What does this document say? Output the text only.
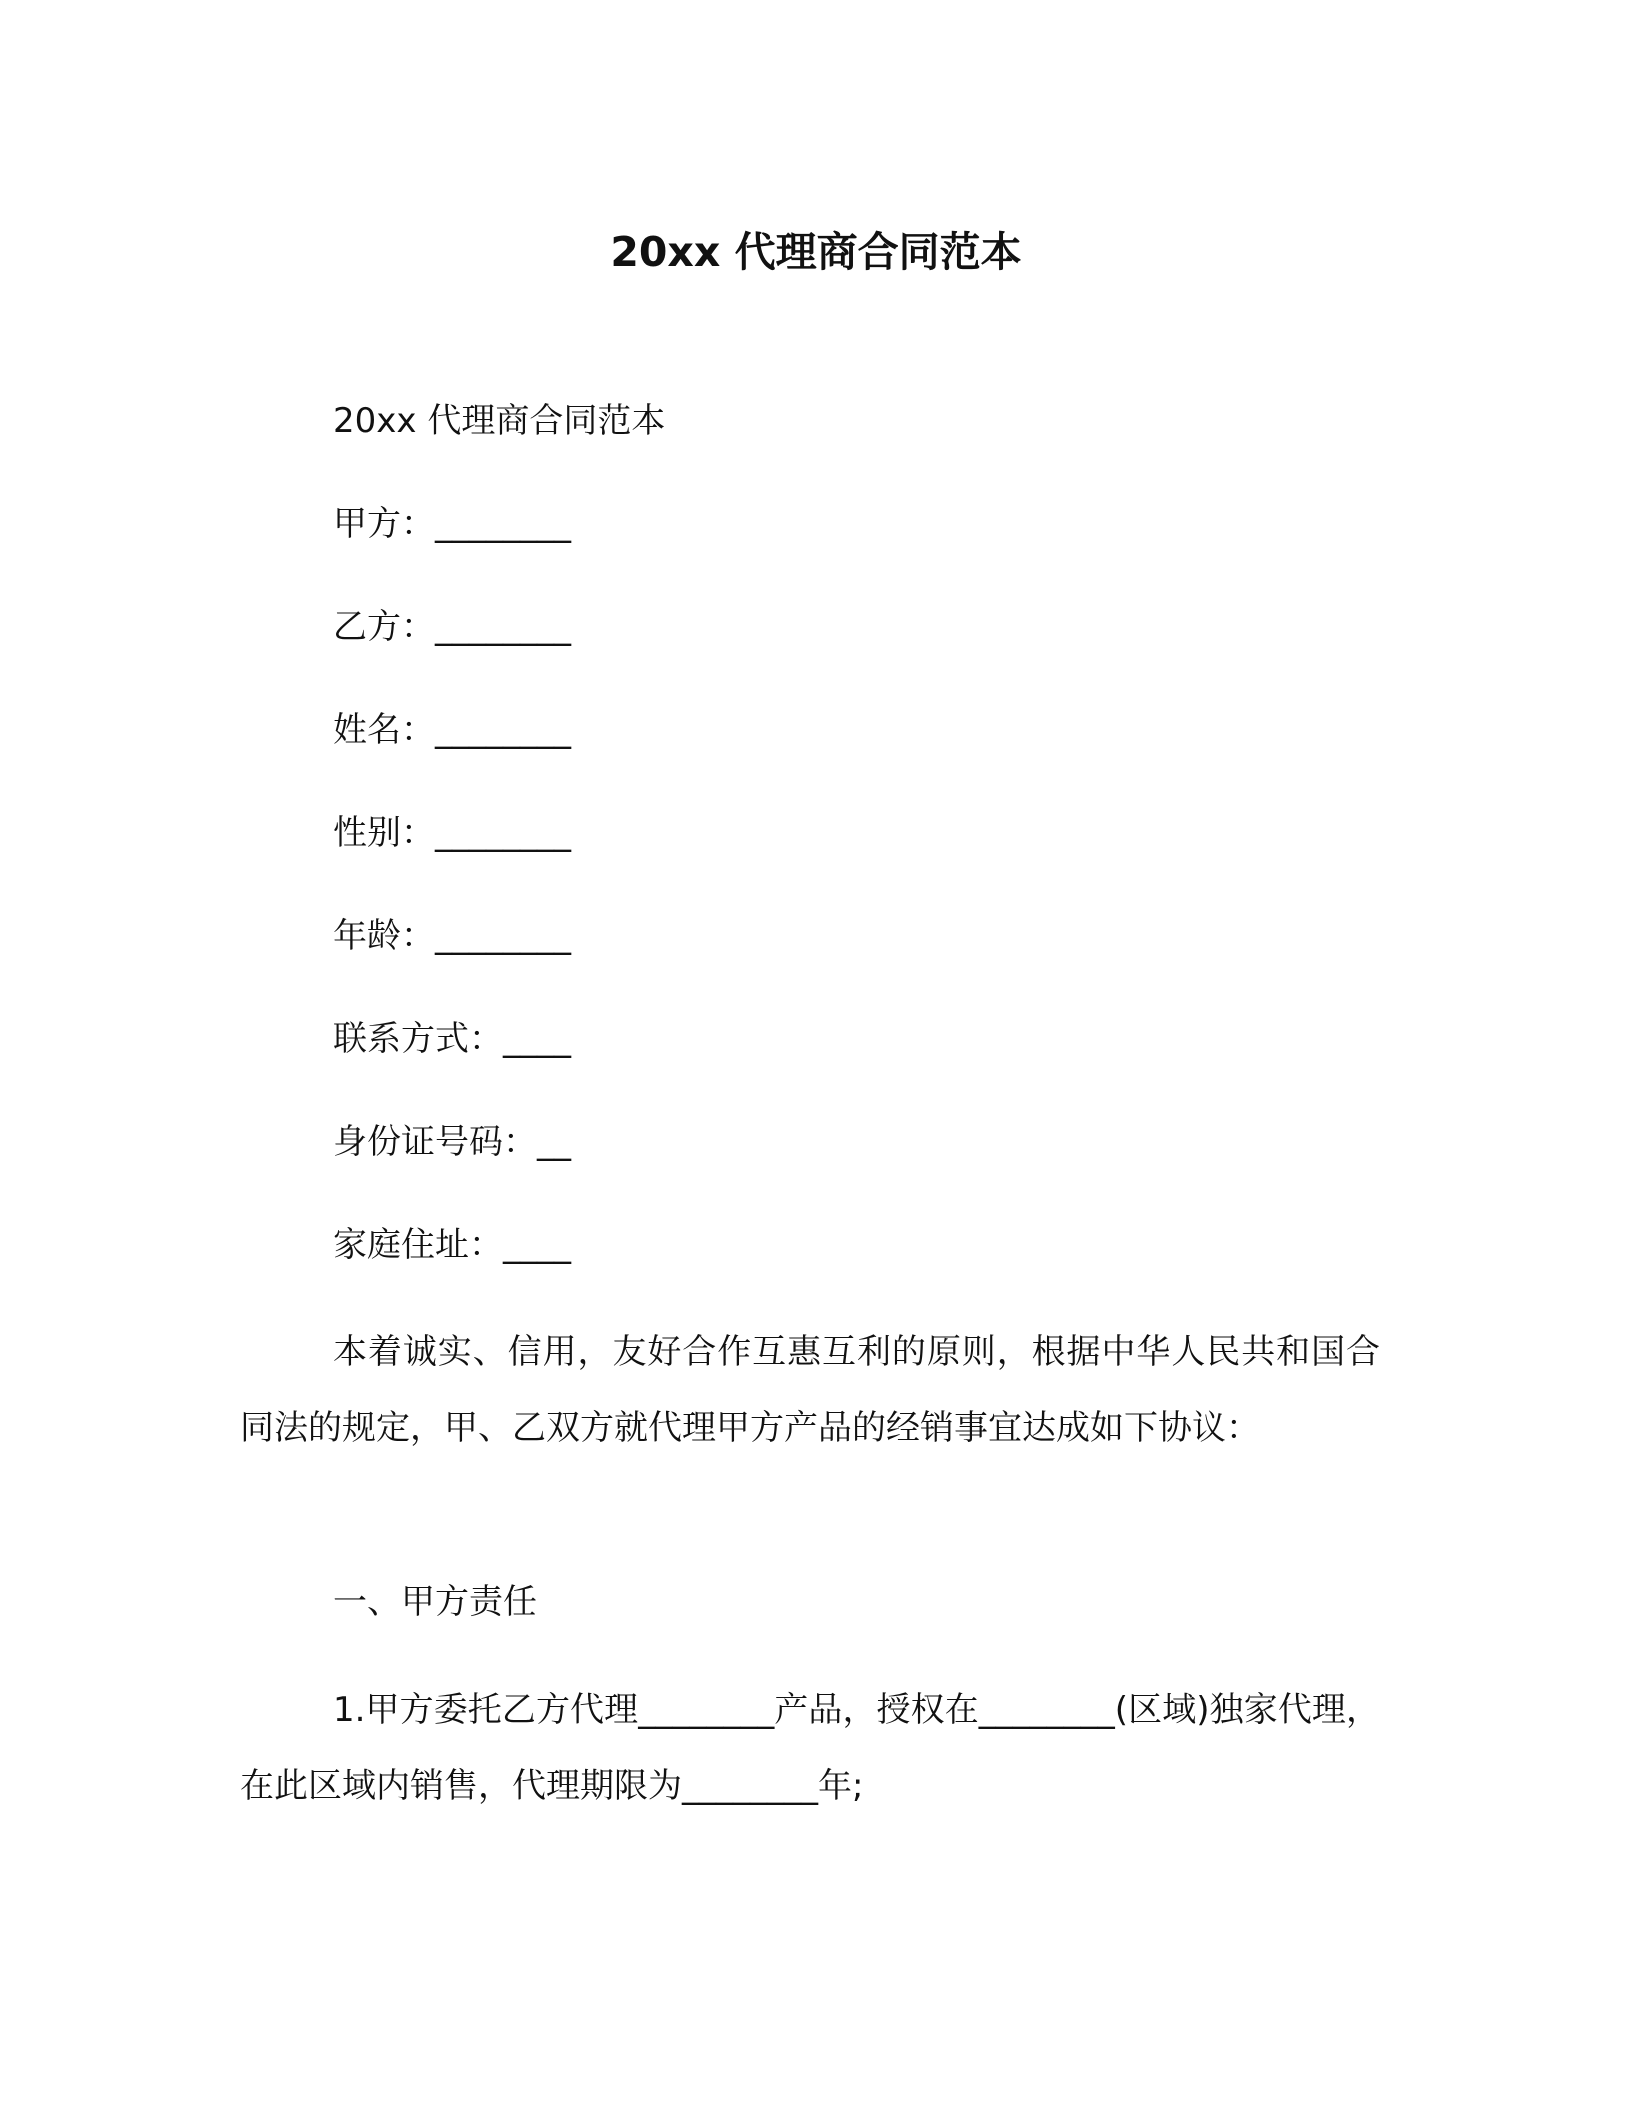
20xx 代理商合同范本
20xx 代理商合同范本
甲方：________
乙方：________
姓名：________
性别：________
年龄：________
联系方式：____
身份证号码：__
家庭住址：____
本着诚实、信用，友好合作互惠互利的原则，根据中华人民共和国合同法的规定，甲、乙双方就代理甲方产品的经销事宜达成如下协议：
一、甲方责任
1.甲方委托乙方代理________产品，授权在________(区域)独家代理，在此区域内销售，代理期限为________年;
